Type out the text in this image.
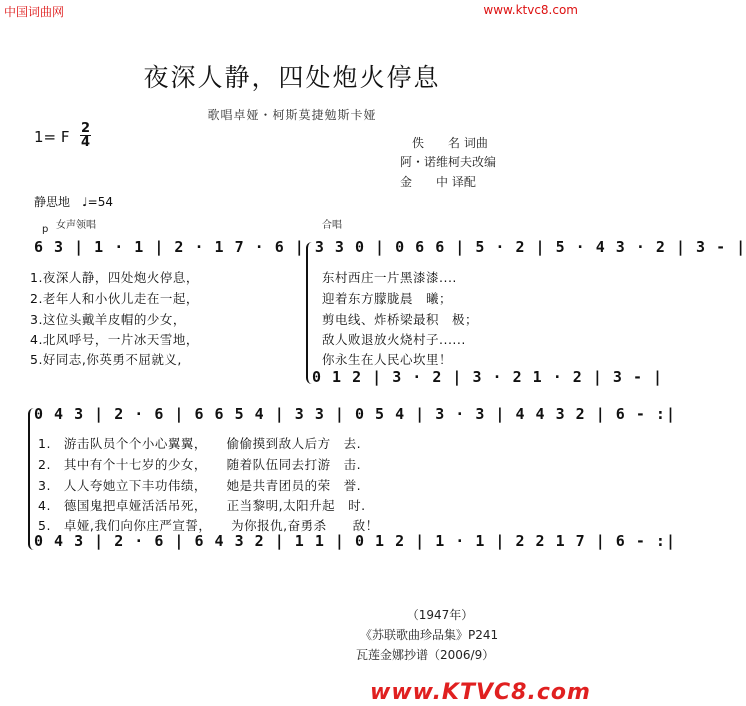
中国词曲网	www.ktvc8.com
夜深人静，四处炮火停息
歌唱卓娅・柯斯莫捷勉斯卡娅
1= F 2
4	佚　　名 词曲
阿・诺维柯夫改编
金　　中 译配
静思地　♩=54
p 女声领唱	合唱
6 3 | 1 · 1 | 2 · 1 7 · 6 | 3 3 0 | 0 6 6 | 5 · 2 | 5 · 4 3 · 2 | 3 - |
1.夜深人静，四处炮火停息，
2.老年人和小伙儿走在一起，
3.这位头戴羊皮帽的少女，
4.北风呼号，一片冰天雪地，
5.好同志,你英勇不屈就义,
东村西庄一片黑漆漆....
迎着东方朦胧晨　曦；
剪电线、炸桥梁最积　极；
敌人败退放火烧村子......
你永生在人民心坎里！
0 1 2 | 3 · 2 | 3 · 2 1 · 2 | 3 - |
0 4 3 | 2 · 6 | 6 6 5 4 | 3 3 | 0 5 4 | 3 · 3 | 4 4 3 2 | 6 - :|
1.　游击队员个个小心翼翼，　　偷偷摸到敌人后方　去.
2.　其中有个十七岁的少女，　　随着队伍同去打游　击.
3.　人人夸她立下丰功伟绩，　　她是共青团员的荣　誉.
4.　德国鬼把卓娅活活吊死，　　正当黎明,太阳升起　时.
5.　卓娅,我们向你庄严宣誓，　　为你报仇,奋勇杀　　敌！
0 4 3 | 2 · 6 | 6 4 3 2 | 1 1 | 0 1 2 | 1 · 1 | 2 2 1 7 | 6 - :|
（1947年）
《苏联歌曲珍品集》P241
瓦莲金娜抄谱（2006/9）
www.KTVC8.com
